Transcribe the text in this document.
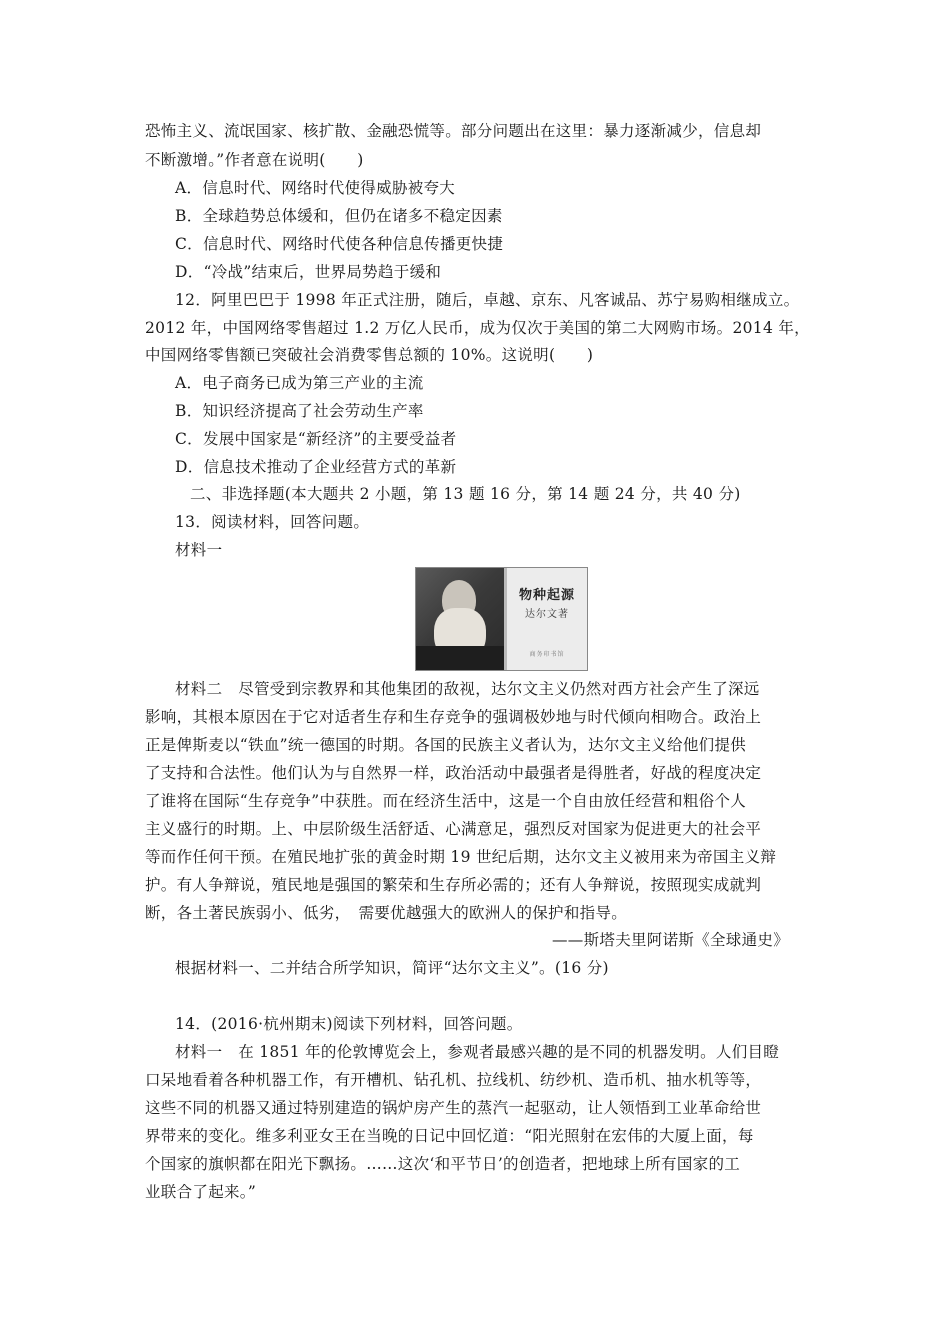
恐怖主义、流氓国家、核扩散、金融恐慌等。部分问题出在这里：暴力逐渐减少，信息却
不断激增。”作者意在说明(　　)
A．信息时代、网络时代使得威胁被夸大
B．全球趋势总体缓和，但仍在诸多不稳定因素
C．信息时代、网络时代使各种信息传播更快捷
D．“冷战”结束后，世界局势趋于缓和
12．阿里巴巴于 1998 年正式注册，随后，卓越、京东、凡客诚品、苏宁易购相继成立。
2012 年，中国网络零售超过 1.2 万亿人民币，成为仅次于美国的第二大网购市场。2014 年，
中国网络零售额已突破社会消费零售总额的 10%。这说明(　　)
A．电子商务已成为第三产业的主流
B．知识经济提高了社会劳动生产率
C．发展中国家是“新经济”的主要受益者
D．信息技术推动了企业经营方式的革新
二、非选择题(本大题共 2 小题，第 13 题 16 分，第 14 题 24 分，共 40 分)
13．阅读材料，回答问题。
材料一
物种起源
达尔文著
商务印书馆
材料二　尽管受到宗教界和其他集团的敌视，达尔文主义仍然对西方社会产生了深远
影响，其根本原因在于它对适者生存和生存竞争的强调极妙地与时代倾向相吻合。政治上
正是俾斯麦以“铁血”统一德国的时期。各国的民族主义者认为，达尔文主义给他们提供
了支持和合法性。他们认为与自然界一样，政治活动中最强者是得胜者，好战的程度决定
了谁将在国际“生存竞争”中获胜。而在经济生活中，这是一个自由放任经营和粗俗个人
主义盛行的时期。上、中层阶级生活舒适、心满意足，强烈反对国家为促进更大的社会平
等而作任何干预。在殖民地扩张的黄金时期 19 世纪后期，达尔文主义被用来为帝国主义辩
护。有人争辩说，殖民地是强国的繁荣和生存所必需的；还有人争辩说，按照现实成就判
断，各土著民族弱小、低劣，　需要优越强大的欧洲人的保护和指导。
——斯塔夫里阿诺斯《全球通史》
根据材料一、二并结合所学知识，简评“达尔文主义”。(16 分)
14．(2016·杭州期末)阅读下列材料，回答问题。
材料一　在 1851 年的伦敦博览会上，参观者最感兴趣的是不同的机器发明。人们目瞪
口呆地看着各种机器工作，有开槽机、钻孔机、拉线机、纺纱机、造币机、抽水机等等，
这些不同的机器又通过特别建造的锅炉房产生的蒸汽一起驱动，让人领悟到工业革命给世
界带来的变化。维多利亚女王在当晚的日记中回忆道：“阳光照射在宏伟的大厦上面，每
个国家的旗帜都在阳光下飘扬。……这次‘和平节日’的创造者，把地球上所有国家的工
业联合了起来。”
